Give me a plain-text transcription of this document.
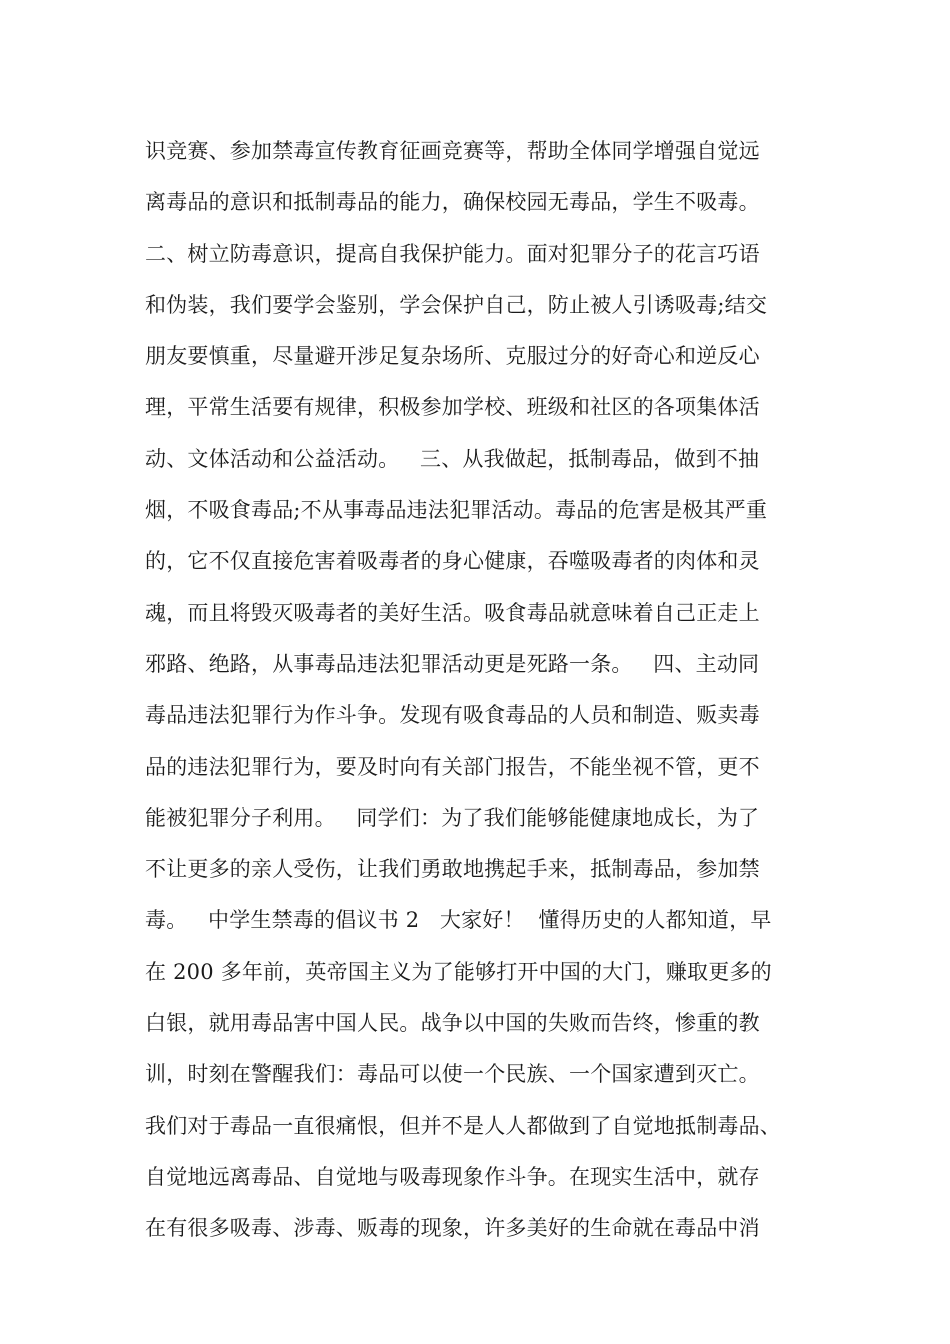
识竞赛、参加禁毒宣传教育征画竞赛等，帮助全体同学增强自觉远
离毒品的意识和抵制毒品的能力，确保校园无毒品，学生不吸毒。
二、树立防毒意识，提高自我保护能力。面对犯罪分子的花言巧语
和伪装，我们要学会鉴别，学会保护自己，防止被人引诱吸毒;结交
朋友要慎重，尽量避开涉足复杂场所、克服过分的好奇心和逆反心
理，平常生活要有规律，积极参加学校、班级和社区的各项集体活
动、文体活动和公益活动。   三、从我做起，抵制毒品，做到不抽
烟，不吸食毒品;不从事毒品违法犯罪活动。毒品的危害是极其严重
的，它不仅直接危害着吸毒者的身心健康，吞噬吸毒者的肉体和灵
魂，而且将毁灭吸毒者的美好生活。吸食毒品就意味着自己正走上
邪路、绝路，从事毒品违法犯罪活动更是死路一条。   四、主动同
毒品违法犯罪行为作斗争。发现有吸食毒品的人员和制造、贩卖毒
品的违法犯罪行为，要及时向有关部门报告，不能坐视不管，更不
能被犯罪分子利用。   同学们：为了我们能够能健康地成长，为了
不让更多的亲人受伤，让我们勇敢地携起手来，抵制毒品，参加禁
毒。   中学生禁毒的倡议书 2   大家好！  懂得历史的人都知道，早
在 200 多年前，英帝国主义为了能够打开中国的大门，赚取更多的
白银，就用毒品害中国人民。战争以中国的失败而告终，惨重的教
训，时刻在警醒我们：毒品可以使一个民族、一个国家遭到灭亡。
我们对于毒品一直很痛恨，但并不是人人都做到了自觉地抵制毒品、
自觉地远离毒品、自觉地与吸毒现象作斗争。在现实生活中，就存
在有很多吸毒、涉毒、贩毒的现象，许多美好的生命就在毒品中消
